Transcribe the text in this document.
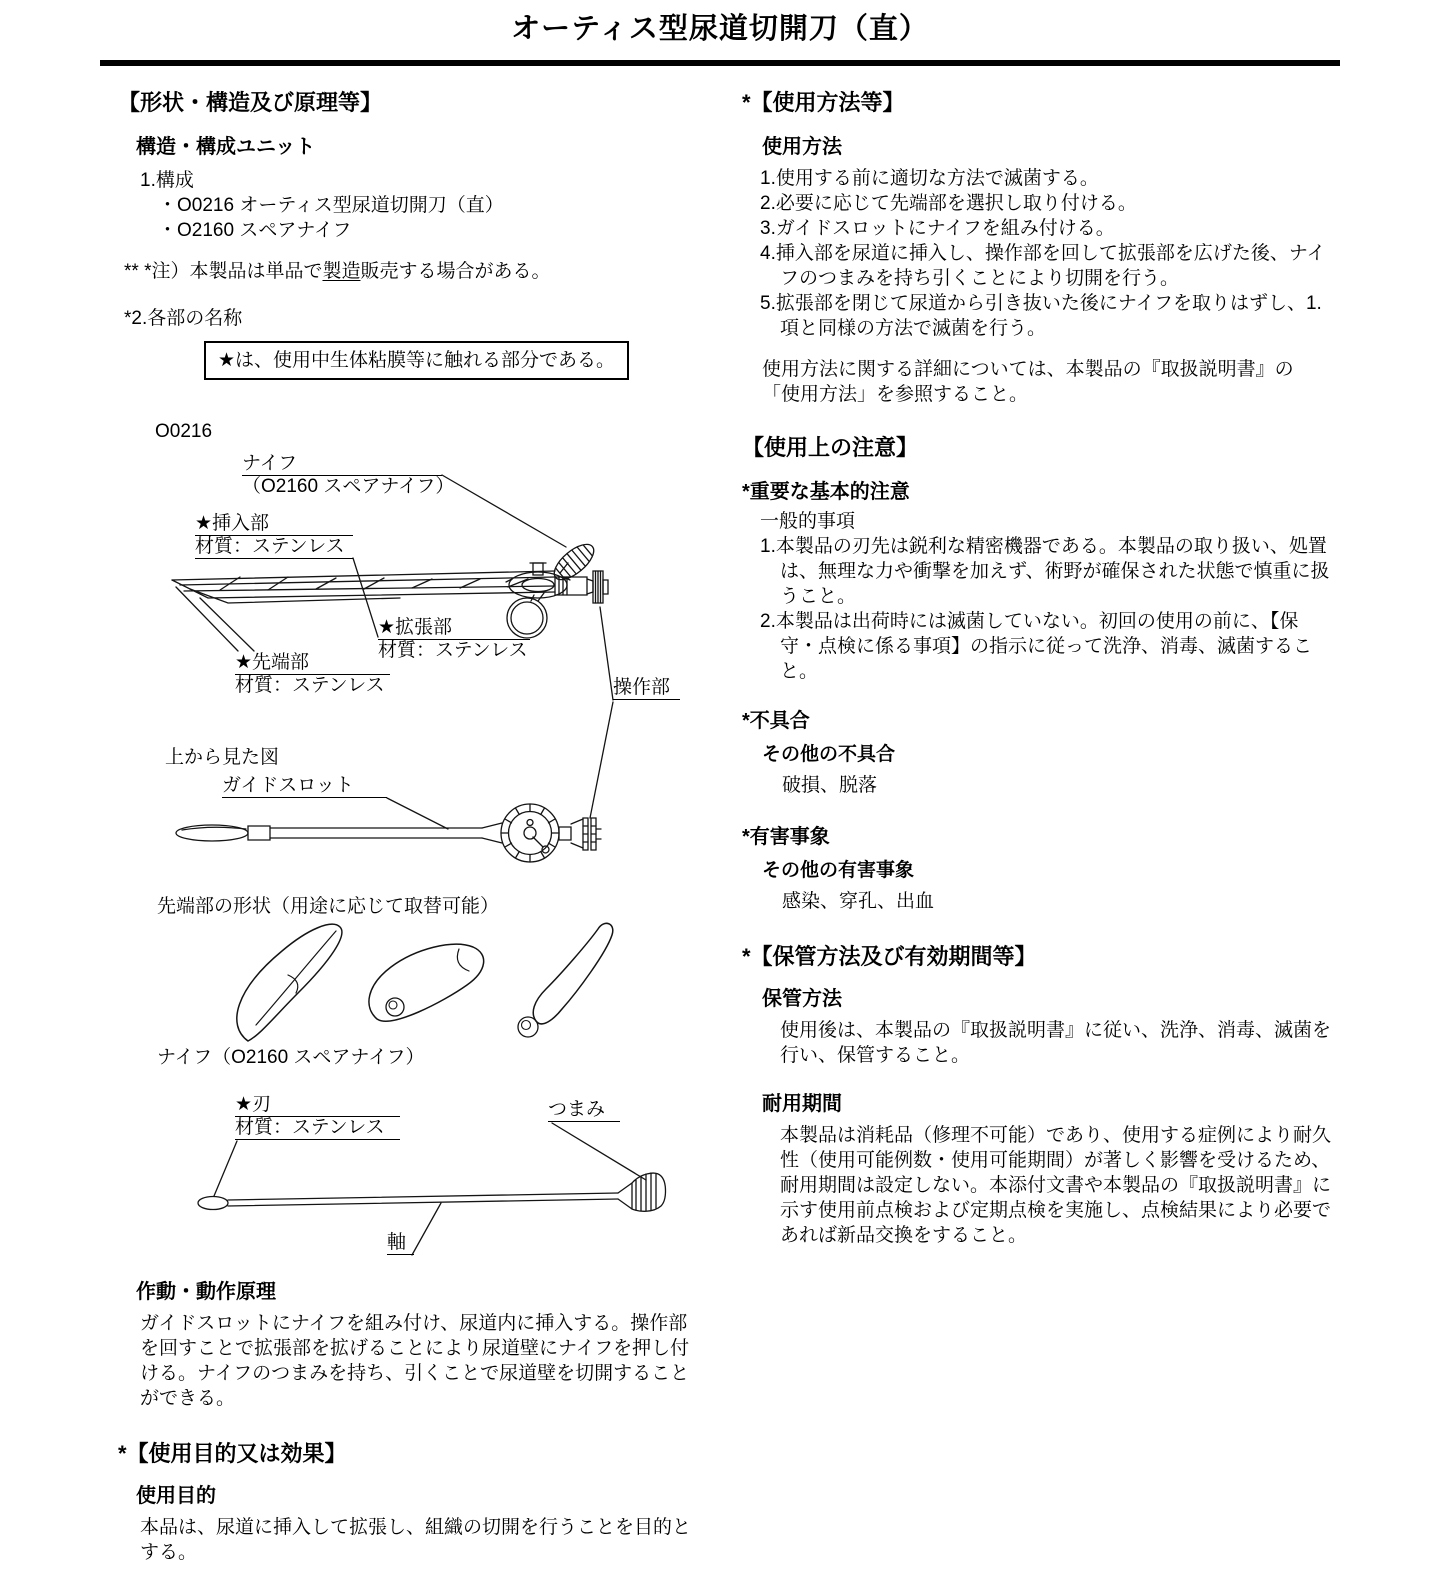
オーティス型尿道切開刀（直）
【形状・構造及び原理等】
構造・構成ユニット
1.構成
・O0216 オーティス型尿道切開刀（直）
・O2160 スペアナイフ
** *注）本製品は単品で製造販売する場合がある。
*2.各部の名称
★は、使用中生体粘膜等に触れる部分である。
O0216
ナイフ
（O2160 スペアナイフ）
★挿入部
材質：ステンレス
★拡張部
材質：ステンレス
★先端部
材質：ステンレス	操作部
上から見た図
ガイドスロット
先端部の形状（用途に応じて取替可能）
ナイフ（O2160 スペアナイフ）
★刃
材質：ステンレス
つまみ
軸
作動・動作原理
ガイドスロットにナイフを組み付け、尿道内に挿入する。操作部を回すことで拡張部を拡げることにより尿道壁にナイフを押し付ける。ナイフのつまみを持ち、引くことで尿道壁を切開することができる。
*【使用目的又は効果】
使用目的
本品は、尿道に挿入して拡張し、組織の切開を行うことを目的とする。
*【使用方法等】
使用方法
1.使用する前に適切な方法で滅菌する。
2.必要に応じて先端部を選択し取り付ける。
3.ガイドスロットにナイフを組み付ける。
4.挿入部を尿道に挿入し、操作部を回して拡張部を広げた後、ナイフのつまみを持ち引くことにより切開を行う。
5.拡張部を閉じて尿道から引き抜いた後にナイフを取りはずし、1.項と同様の方法で滅菌を行う。
使用方法に関する詳細については、本製品の『取扱説明書』の「使用方法」を参照すること。
【使用上の注意】
*重要な基本的注意
一般的事項
1.本製品の刃先は鋭利な精密機器である。本製品の取り扱い、処置は、無理な力や衝撃を加えず、術野が確保された状態で慎重に扱うこと。
2.本製品は出荷時には滅菌していない。初回の使用の前に、【保守・点検に係る事項】の指示に従って洗浄、消毒、滅菌すること。
*不具合
その他の不具合
破損、脱落
*有害事象
その他の有害事象
感染、穿孔、出血
*【保管方法及び有効期間等】
保管方法
使用後は、本製品の『取扱説明書』に従い、洗浄、消毒、滅菌を行い、保管すること。
耐用期間
本製品は消耗品（修理不可能）であり、使用する症例により耐久性（使用可能例数・使用可能期間）が著しく影響を受けるため、耐用期間は設定しない。本添付文書や本製品の『取扱説明書』に示す使用前点検および定期点検を実施し、点検結果により必要であれば新品交換をすること。
